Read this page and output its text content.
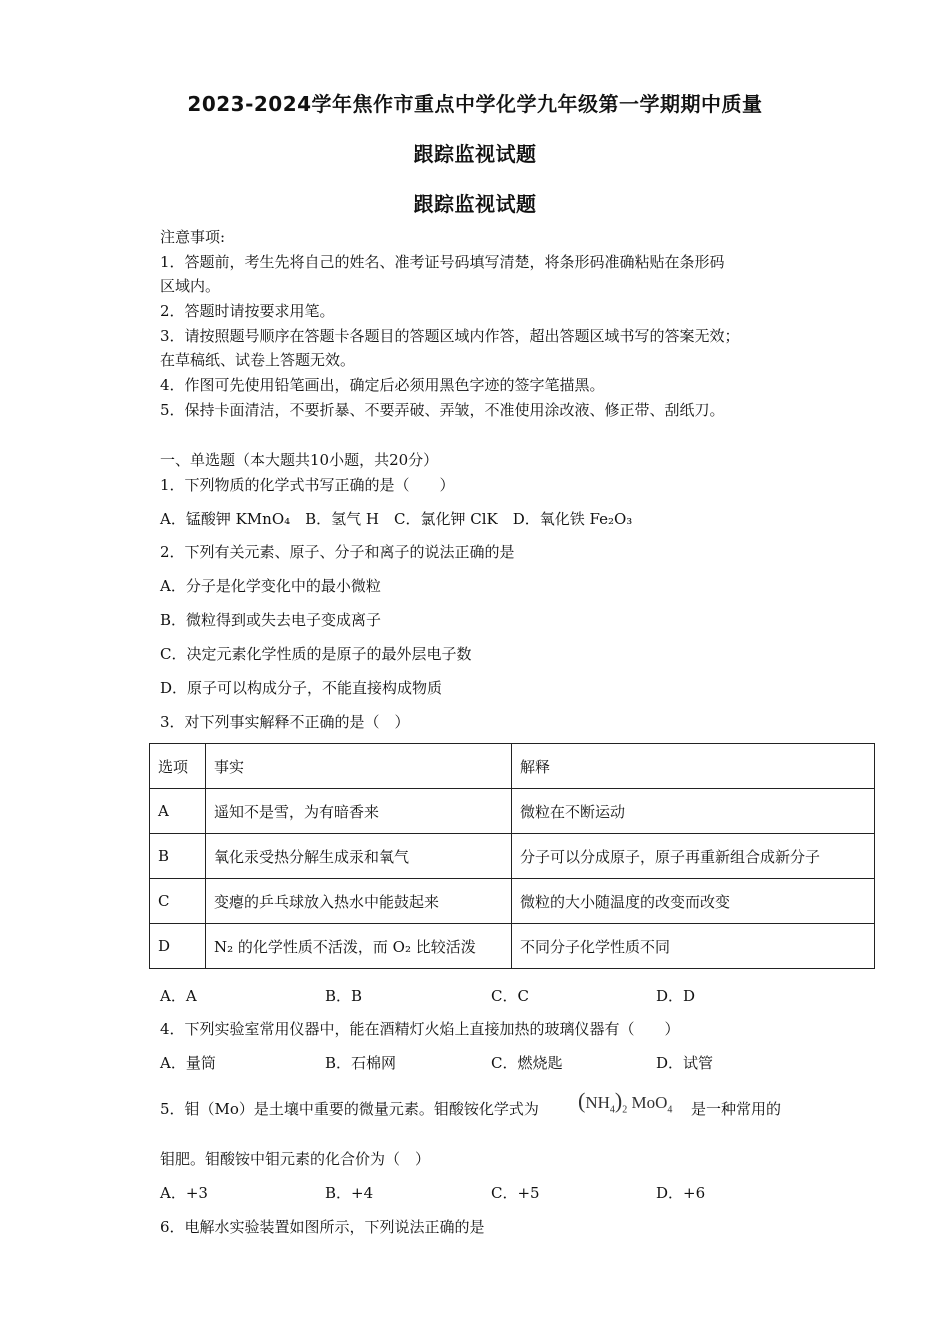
2023-2024学年焦作市重点中学化学九年级第一学期期中质量
跟踪监视试题
跟踪监视试题
注意事项:
1．答题前，考生先将自己的姓名、准考证号码填写清楚，将条形码准确粘贴在条形码
区域内。
2．答题时请按要求用笔。
3．请按照题号顺序在答题卡各题目的答题区域内作答，超出答题区域书写的答案无效；
在草稿纸、试卷上答题无效。
4．作图可先使用铅笔画出，确定后必须用黑色字迹的签字笔描黑。
5．保持卡面清洁，不要折暴、不要弄破、弄皱，不准使用涂改液、修正带、刮纸刀。
一、单选题（本大题共10小题，共20分）
1．下列物质的化学式书写正确的是（　　）
A．锰酸钾 KMnO₄　B．氢气 H　C．氯化钾 ClK　D．氧化铁 Fe₂O₃
2．下列有关元素、原子、分子和离子的说法正确的是
A．分子是化学变化中的最小微粒
B．微粒得到或失去电子变成离子
C．决定元素化学性质的是原子的最外层电子数
D．原子可以构成分子，不能直接构成物质
3．对下列事实解释不正确的是（　）
选项	事实	解释
A	遥知不是雪，为有暗香来	微粒在不断运动
B	氧化汞受热分解生成汞和氧气	分子可以分成原子，原子再重新组合成新分子
C	变瘪的乒乓球放入热水中能鼓起来	微粒的大小随温度的改变而改变
D	N₂ 的化学性质不活泼，而 O₂ 比较活泼	不同分子化学性质不同
A．A	B．B	C．C	D．D
4．下列实验室常用仪器中，能在酒精灯火焰上直接加热的玻璃仪器有（　　）
A．量筒	B．石棉网	C．燃烧匙	D．试管
5．钼（Mo）是土壤中重要的微量元素。钼酸铵化学式为 $(NH_4)_2$ MoO$_4$ 是一种常用的
钼肥。钼酸铵中钼元素的化合价为（　）
A．+3	B．+4	C．+5	D．+6
6．电解水实验装置如图所示，下列说法正确的是
